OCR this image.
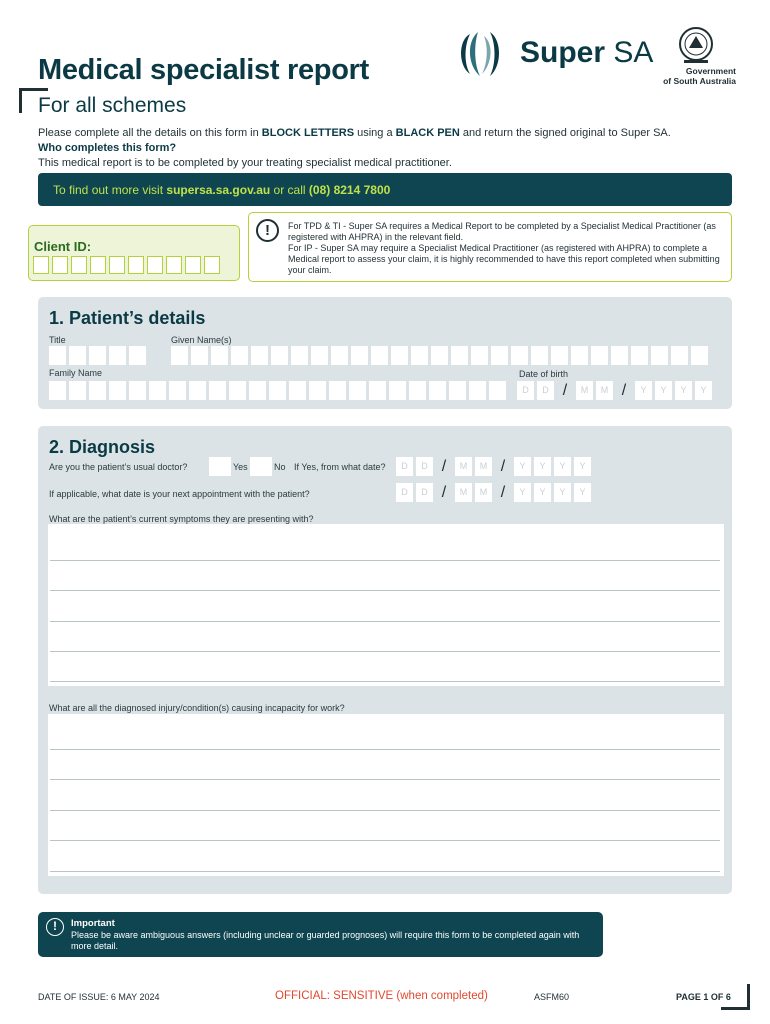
Medical specialist report
For all schemes
Super SA
Government
of South Australia
Please complete all the details on this form in BLOCK LETTERS using a BLACK PEN and return the signed original to Super SA.
Who completes this form?
This medical report is to be completed by your treating specialist medical practitioner.
To find out more visit supersa.sa.gov.au or call (08) 8214 7800
Client ID:
!	For TPD & TI - Super SA requires a Medical Report to be completed by a Specialist Medical Practitioner (as registered with AHPRA) in the relevant field.
For IP - Super SA may require a Specialist Medical Practitioner (as registered with AHPRA) to complete a Medical report to assess your claim, it is highly recommended to have this report completed when submitting your claim.
1. Patient’s details
Title	Given Name(s)
Family Name	Date of birth
D	D /	M	M /	Y	Y	Y	Y
2. Diagnosis
Are you the patient’s usual doctor?	Yes	No If Yes, from what date?	D	D /	M	M /	Y	Y	Y	Y
If applicable, what date is your next appointment with the patient?	D	D /	M	M /	Y	Y	Y	Y
What are the patient’s current symptoms they are presenting with?
What are all the diagnosed injury/condition(s) causing incapacity for work?
!	Important
Please be aware ambiguous answers (including unclear or guarded prognoses) will require this form to be completed again with more detail.
DATE OF ISSUE: 6 MAY 2024	OFFICIAL: SENSITIVE (when completed)	ASFM60	PAGE 1 OF 6
